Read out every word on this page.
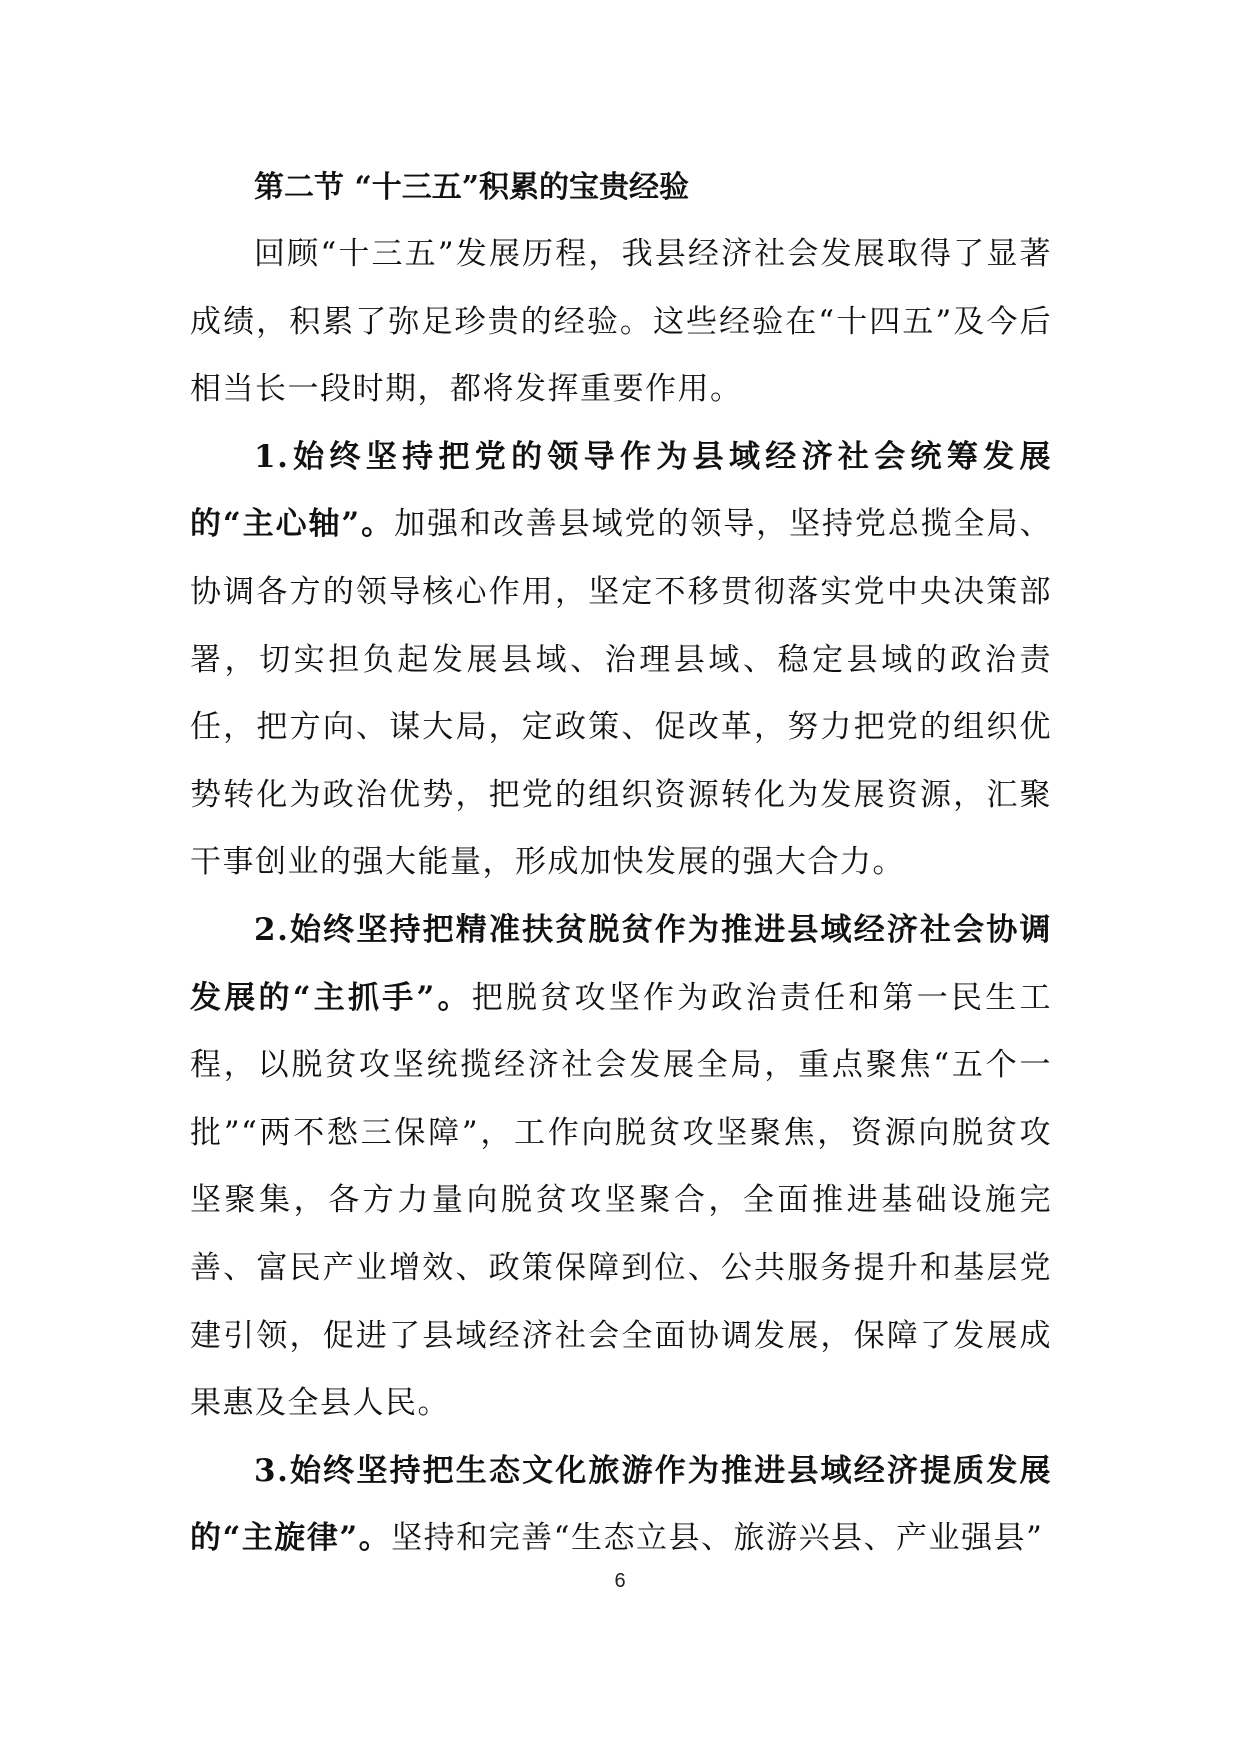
第二节 “十三五”积累的宝贵经验

回顾“十三五”发展历程，我县经济社会发展取得了显著成绩，积累了弥足珍贵的经验。这些经验在“十四五”及今后相当长一段时期，都将发挥重要作用。

1.始终坚持把党的领导作为县域经济社会统筹发展的“主心轴”。加强和改善县域党的领导，坚持党总揽全局、协调各方的领导核心作用，坚定不移贯彻落实党中央决策部署，切实担负起发展县域、治理县域、稳定县域的政治责任，把方向、谋大局，定政策、促改革，努力把党的组织优势转化为政治优势，把党的组织资源转化为发展资源，汇聚干事创业的强大能量，形成加快发展的强大合力。

2.始终坚持把精准扶贫脱贫作为推进县域经济社会协调发展的“主抓手”。把脱贫攻坚作为政治责任和第一民生工程，以脱贫攻坚统揽经济社会发展全局，重点聚焦“五个一批”“两不愁三保障”，工作向脱贫攻坚聚焦，资源向脱贫攻坚聚集，各方力量向脱贫攻坚聚合，全面推进基础设施完善、富民产业增效、政策保障到位、公共服务提升和基层党建引领，促进了县域经济社会全面协调发展，保障了发展成果惠及全县人民。

3.始终坚持把生态文化旅游作为推进县域经济提质发展的“主旋律”。坚持和完善“生态立县、旅游兴县、产业强县”

6
